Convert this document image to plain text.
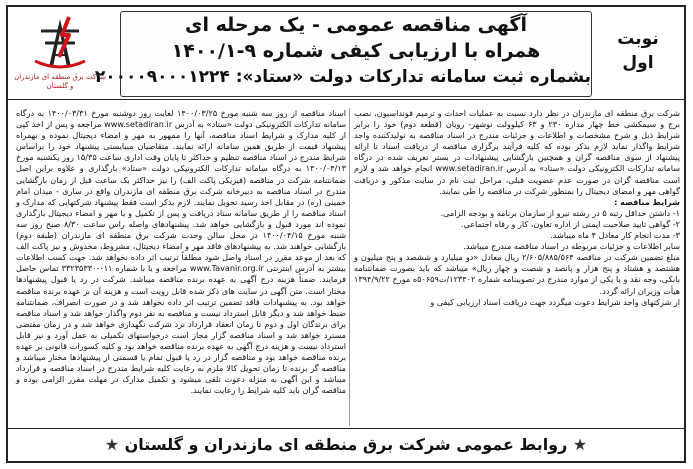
شرکت برق منطقه ای مازندران و گلستان
آگهی مناقصه عمومی - یک مرحله ای
همراه با ارزیابی کیفی شماره ۹-۱۴۰۰/۱
بشماره ثبت سامانه تدارکات دولت «ستاد»: ۲۰۰۰۰۹۰۰۰۱۲۲۴
نوبت
اول

شرکت برق منطقه ای مازندران در نظر دارد نسبت به عملیات احداث و ترمیم فونداسیون، نصب برج و سیمکشی خط چهار مداره ۲۳۰ و ۶۳ کیلوولت نوشهر- رویان (قطعه دوم) خود را برابر شرایط ذیل و شرح مشخصات و اطلاعات و جزئیات مندرج در اسناد مناقصه به تولیدکننده واجد شرایط واگذار نماید لازم بذکر بوده که کلیه فرآیند برگزاری مناقصه از دریافت اسناد تا ارائه پیشنهاد از سوی مناقصه گران و همچنین بازگشایی پیشنهادات در بستر تعریف شده در درگاه سامانه تدارکات الکترونیکی دولت «ستاد» به آدرس www.setadiran.ir انجام خواهد شد و لازم است مناقصه گران در صورت عدم عضویت قبلی، مراحل ثبت نام در سایت مذکور و دریافت گواهی مهر و امضای دیجیتال را بمنظور شرکت در مناقصه را طی نمایند.

شرایط مناقصه :

۱- داشتن حداقل رتبه ۵ در رشته نیرو از سازمان برنامه و بودجه الزامی.

۲- گواهی تایید صلاحیت ایمنی از اداره تعاون، کار و رفاه اجتماعی.

۳- مدت انجام کار معادل ۴ ماه میباشد.

سایر اطلاعات و جزئیات مربوطه در اسناد مناقصه مندرج میباشد.

مبلغ تضمین شرکت در مناقصه ۲/۶۰۵/۸۸۵/۵۶۴ ریال معادل «دو میلیارد و ششصد و پنج میلیون و هشتصد و هشتاد و پنج هزار و پانصد و شصت و چهار ریال» میباشد که باید بصورت ضمانتنامه بانکی، وجه نقد و یا یکی از موارد مندرج در تصویبنامه شماره ۱۲۳۴۰۲/ت۵۰۶۵۹ه مورخ ۱۳۹۴/۹/۲۲ هیأت وزیران ارائه گردد.

از شرکتهای واجد شرایط دعوت میگردد جهت دریافت اسناد ارزیابی کیفی و

اسناد مناقصه از روز سه شنبه مورخ ۱۴۰۰/۰۳/۲۵ لغایت روز دوشنبه مورخ ۱۴۰۰/۰۳/۳۱ به درگاه سامانه تدارکات الکترونیکی دولت «ستاد» به آدرس www.setadiran.ir مراجعه و پس از اخذ کپی از کلیه مدارک و شرایط اسناد مناقصه، آنها را ممهور به مهر و امضاء دیجیتال نموده و بهمراه پیشنهاد قیمت از طریق همین سامانه ارائه نمایند. متقاضیان میبایستی پیشنهاد خود را براساس شرایط مندرج در اسناد مناقصه تنظیم و حداکثر تا پایان وقت اداری ساعت ۱۵/۳۵ روز یکشنبه مورخ ۱۴۰۰/۰۴/۱۳ به درگاه سامانه تدارکات الکترونیکی دولت «ستاد» بارگذاری و علاوه براین اصل ضمانتنامه شرکت در مناقصه (فیزیکی پاکت الف) را نیز حداکثر یک ساعت قبل از زمان بازگشایی مندرج در اسناد مناقصه به دبیرخانه شرکت برق منطقه ای مازندران واقع در ساری - میدان امام خمینی (ره) در مقابل اخذ رسید تحویل نمایند. لازم بذکر است فقط پیشنهاد شرکتهایی که مدارک و اسناد مناقصه را از طریق سامانه ستاد دریافت و پس از تکمیل و با مهر و امضاء دیجیتال بارگذاری نموده اند مورد قبول و بازگشایی خواهد شد. پیشنهادهای واصله راس ساعت ۸/۳۰ صبح روز سه شنبه مورخ ۱۴۰۰/۰۴/۱۵ در محل سالن وحدت شرکت برق منطقه ای مازندران (طبقه دوم) بازگشایی خواهند شد. به پیشنهادهای فاقد مهر و امضاء دیجیتال، مشروط، مخدوش و نیز پاکت الف که بعد از موعد مقرر در اسناد واصل شود مطلقاً ترتیب اثر داده نخواهد شد. جهت کسب اطلاعات بیشتر به آدرس اینترنتی www.Tavanir.org.ir مراجعه و یا با شماره ۰۱۱-۳۳۲۳۵۳۳۰ تماس حاصل فرمایند. ضمناً هزینه درج آگهی به عهده برنده مناقصه میباشد. شرکت در رد یا قبول پیشنهادها مختار است. متن آگهی در سایت های ذکر شده قابل رویت است و هزینه آن بر عهده برنده مناقصه خواهد بود. به پیشنهادات فاقد تضمین ترتیب اثر داده نخواهد شد و در صورت انصراف، ضمانتنامه ضبط خواهد شد و دیگر قابل استرداد نیست و مناقصه به نفر دوم واگذار خواهد شد و اسناد مناقصه برای برندگان اول و دوم تا زمان انعقاد قرارداد نزد شرکت نگهداری خواهد شد و در زمان مقتضی مسترد خواهد شد و اسناد مناقصه گزار مجاز است درخواستهای تکمیلی به عمل آورد و نیز قابل استرداد نیست و هزینه درج آگهی به عهده برنده مناقصه خواهد بود و کلیه کسورات قانونی بر عهده برنده مناقصه خواهد بود و مناقصه گزار در رد یا قبول تمام یا قسمتی از پیشنهادها مختار میباشد و مناقصه گر برنده تا زمان تحویل کالا ملزم به رعایت کلیه شرایط مندرج در اسناد مناقصه و قرارداد میباشد و این آگهی به منزله دعوت تلقی میشود و تکمیل مدارک در مهلت مقرر الزامی بوده و مناقصه گران باید کلیه شرایط را رعایت نمایند.

★ روابط عمومی شرکت برق منطقه ای مازندران و گلستان ★
